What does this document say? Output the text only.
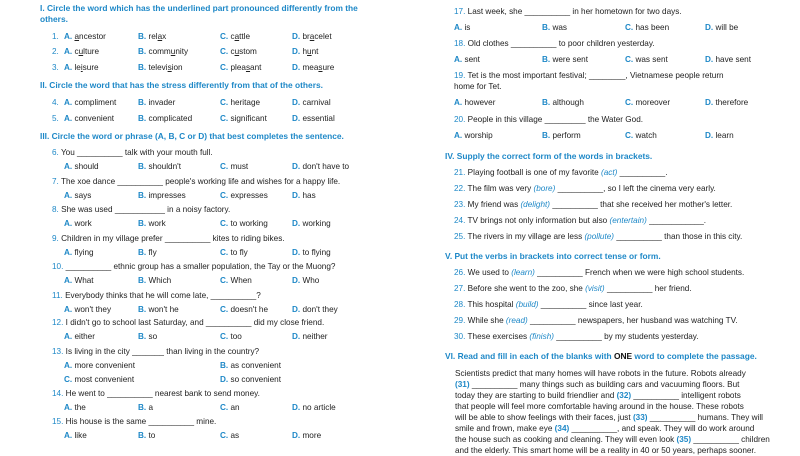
I. Circle the word which has the underlined part pronounced differently from the others.
1. A. ancestor	B. relax	C. cattle	D. bracelet
2. A. culture	B. community	C. custom	D. hunt
3. A. leisure	B. television	C. pleasant	D. measure
II. Circle the word that has the stress differently from that of the others.
4. A. compliment	B. invader	C. heritage	D. carnival
5. A. convenient	B. complicated	C. significant	D. essential
III. Circle the word or phrase (A, B, C or D) that best completes the sentence.
6. You __________ talk with your mouth full.
A. should	B. shouldn't	C. must	D. don't have to
7. The xoe dance __________ people's working life and wishes for a happy life.
A. says	B. impresses	C. expresses	D. has
8. She was used ___________ in a noisy factory.
A. work	B. work	C. to working	D. working
9. Children in my village prefer __________ kites to riding bikes.
A. flying	B. fly	C. to fly	D. to flying
10. __________ ethnic group has a smaller population, the Tay or the Muong?
A. What	B. Which	C. When	D. Who
11. Everybody thinks that he will come late, __________?
A. won't they	B. won't he	C. doesn't he	D. don't they
12. I didn't go to school last Saturday, and __________ did my close friend.
A. either	B. so	C. too	D. neither
13. Is living in the city _______ than living in the country?
A. more convenient	B. as convenient
C. most convenient	D. so convenient
14. He went to __________ nearest bank to send money.
A. the	B. a	C. an	D. no article
15. His house is the same __________ mine.
A. like	B. to	C. as	D. more
17. Last week, she __________ in her hometown for two days.
A. is	B. was	C. has been	D. will be
18. Old clothes __________ to poor children yesterday.
A. sent	B. were sent	C. was sent	D. have sent
19. Tet is the most important festival; ________, Vietnamese people return
home for Tet.
A. however	B. although	C. moreover	D. therefore
20. People in this village _________ the Water God.
A. worship	B. perform	C. watch	D. learn
IV. Supply the correct form of the words in brackets.
21. Playing football is one of my favorite (act) __________.
22. The film was very (bore) __________, so I left the cinema very early.
23. My friend was (delight) __________ that she received her mother's letter.
24. TV brings not only information but also (entertain) ____________.
25. The rivers in my village are less (pollute) __________ than those in this city.
V. Put the verbs in brackets into correct tense or form.
26. We used to (learn) __________ French when we were high school students.
27. Before she went to the zoo, she (visit) __________ her friend.
28. This hospital (build) __________ since last year.
29. While she (read) __________ newspapers, her husband was watching TV.
30. These exercises (finish) __________ by my students yesterday.
VI. Read and fill in each of the blanks with ONE word to complete the passage.
Scientists predict that many homes will have robots in the future. Robots already
(31) __________ many things such as building cars and vacuuming floors. But
today they are starting to build friendlier and (32) __________ intelligent robots
that people will feel more comfortable having around in the house. These robots
will be able to show feelings with their faces, just (33) __________ humans. They will
smile and frown, make eye (34) __________, and speak. They will do work around
the house such as cooking and cleaning. They will even look (35) __________ children
and the elderly. This smart home will be a reality in 40 or 50 years, perhaps sooner.
